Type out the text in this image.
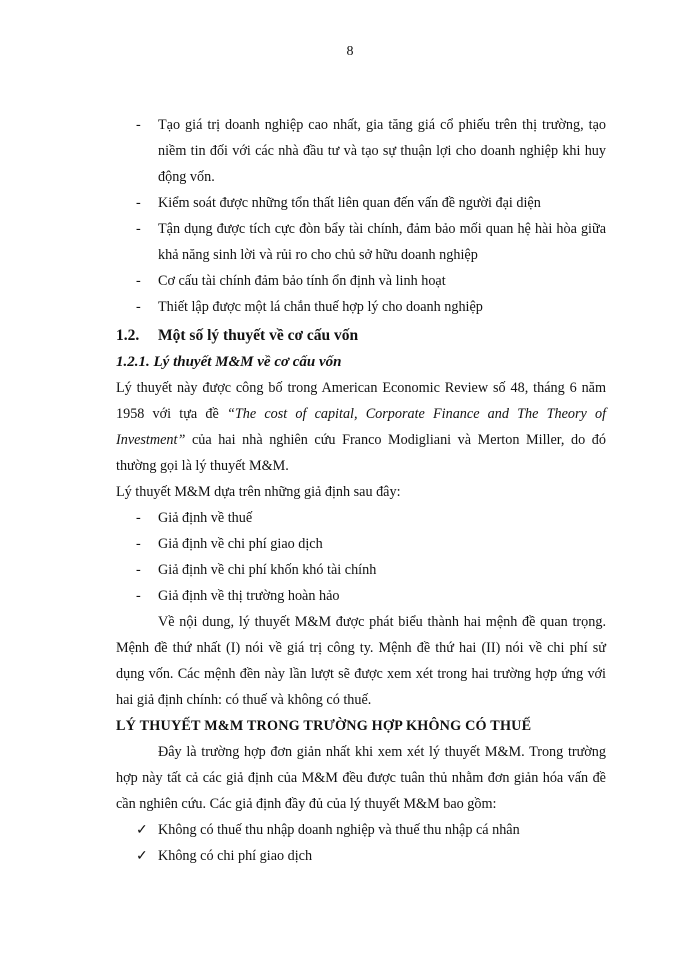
8
- Tạo giá trị doanh nghiệp cao nhất, gia tăng giá cổ phiếu trên thị trường, tạo niềm tin đối với các nhà đầu tư và tạo sự thuận lợi cho doanh nghiệp khi huy động vốn.
- Kiểm soát được những tổn thất liên quan đến vấn đề người đại diện
- Tận dụng được tích cực đòn bẩy tài chính, đảm bảo mối quan hệ hài hòa giữa khả năng sinh lời và rủi ro cho chủ sở hữu doanh nghiệp
- Cơ cấu tài chính đảm bảo tính ổn định và linh hoạt
- Thiết lập được một lá chắn thuế hợp lý cho doanh nghiệp
1.2. Một số lý thuyết về cơ cấu vốn
1.2.1. Lý thuyết M&M về cơ cấu vốn

Lý thuyết này được công bố trong American Economic Review số 48, tháng 6 năm 1958 với tựa đề “The cost of capital, Corporate Finance and The Theory of Investment” của hai nhà nghiên cứu Franco Modigliani và Merton Miller, do đó thường gọi là lý thuyết M&M.

Lý thuyết M&M dựa trên những giả định sau đây:

- Giả định về thuế
- Giả định về chi phí giao dịch
- Giả định về chi phí khốn khó tài chính
- Giả định về thị trường hoàn hảo

Về nội dung, lý thuyết M&M được phát biểu thành hai mệnh đề quan trọng. Mệnh đề thứ nhất (I) nói về giá trị công ty. Mệnh đề thứ hai (II) nói về chi phí sử dụng vốn. Các mệnh đền này lần lượt sẽ được xem xét trong hai trường hợp ứng với hai giả định chính: có thuế và không có thuế.

LÝ THUYẾT M&M TRONG TRƯỜNG HỢP KHÔNG CÓ THUẾ

Đây là trường hợp đơn giản nhất khi xem xét lý thuyết M&M. Trong trường hợp này tất cả các giả định của M&M đều được tuân thủ nhằm đơn giản hóa vấn đề cần nghiên cứu. Các giả định đầy đủ của lý thuyết M&M bao gồm:

✓ Không có thuế thu nhập doanh nghiệp và thuế thu nhập cá nhân
✓ Không có chi phí giao dịch
